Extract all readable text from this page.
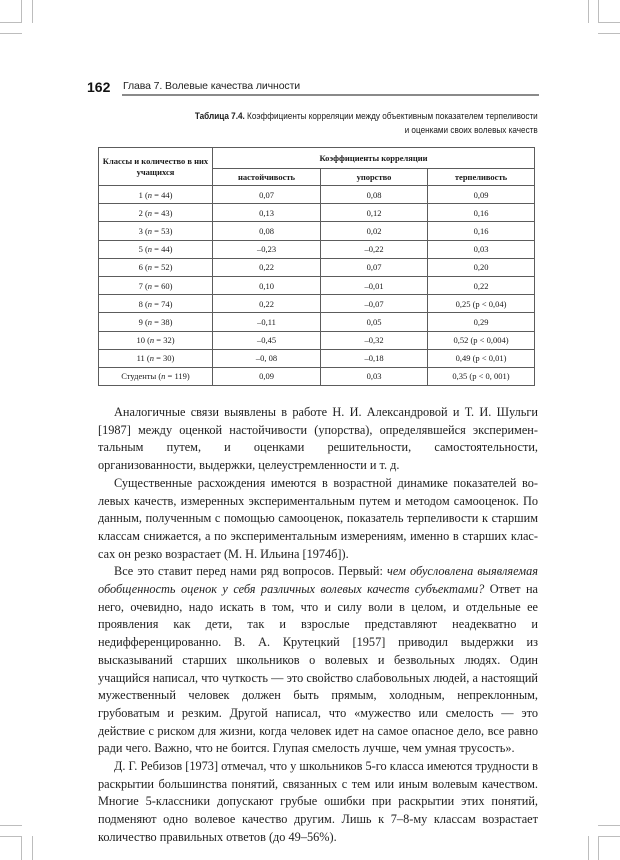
162 Глава 7. Волевые качества личности
Таблица 7.4. Коэффициенты корреляции между объективным показателем терпеливости
и оценками своих волевых качеств
Классы и количество в них учащихся	Коэффициенты корреляции		
	настойчивость	упорство	терпеливость
1 (n = 44)	0,07	0,08	0,09
2 (n = 43)	0,13	0,12	0,16
3 (n = 53)	0,08	0,02	0,16
5 (n = 44)	–0,23	–0,22	0,03
6 (n = 52)	0,22	0,07	0,20
7 (n = 60)	0,10	–0,01	0,22
8 (n = 74)	0,22	–0,07	0,25 (p < 0,04)
9 (n = 38)	–0,11	0,05	0,29
10 (n = 32)	–0,45	–0,32	0,52 (p < 0,004)
11 (n = 30)	–0, 08	–0,18	0,49 (p < 0,01)
Студенты (n = 119)	0,09	0,03	0,35 (p < 0, 001)

Аналогичные связи выявлены в работе Н. И. Александровой и Т. И. Шульги [1987] между оценкой настойчивости (упорства), определявшейся экспериментальным путем, и оценками решительности, самостоятельности, организованности, выдержки, целеустремленности и т. д.

Существенные расхождения имеются в возрастной динамике показателей волевых качеств, измеренных экспериментальным путем и методом самооценок. По данным, полученным с помощью самооценок, показатель терпеливости к старшим классам снижается, а по экспериментальным измерениям, именно в старших классах он резко возрастает (М. Н. Ильина [1974б]).

Все это ставит перед нами ряд вопросов. Первый: чем обусловлена выявляемая обобщенность оценок у себя различных волевых качеств субъектами? Ответ на него, очевидно, надо искать в том, что и силу воли в целом, и отдельные ее проявления как дети, так и взрослые представляют неадекватно и недифференцированно. В. А. Крутецкий [1957] приводил выдержки из высказываний старших школьников о волевых и безвольных людях. Один учащийся написал, что чуткость — это свойство слабовольных людей, а настоящий мужественный человек должен быть прямым, холодным, непреклонным, грубоватым и резким. Другой написал, что «мужество или смелость — это действие с риском для жизни, когда человек идет на самое опасное дело, все равно ради чего. Важно, что не боится. Глупая смелость лучше, чем умная трусость».

Д. Г. Ребизов [1973] отмечал, что у школьников 5-го класса имеются трудности в раскрытии большинства понятий, связанных с тем или иным волевым качеством. Многие 5-классники допускают грубые ошибки при раскрытии этих понятий, подменяют одно волевое качество другим. Лишь к 7–8-му классам возрастает количество правильных ответов (до 49–56%).
